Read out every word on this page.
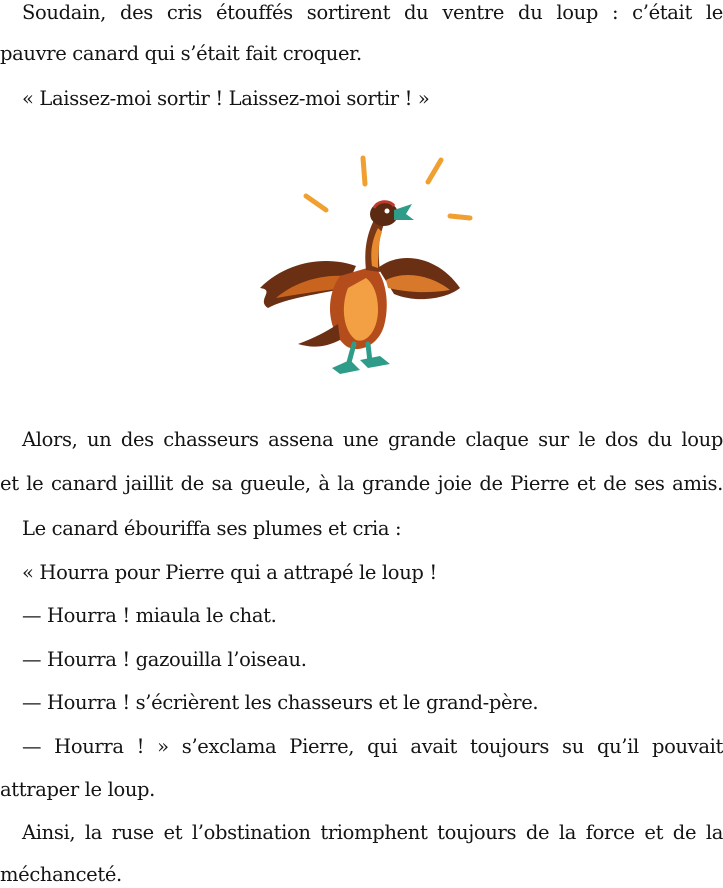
Soudain, des cris étouffés sortirent du ventre du loup : c’était le
pauvre canard qui s’était fait croquer.
« Laissez-moi sortir ! Laissez-moi sortir ! »
Alors, un des chasseurs assena une grande claque sur le dos du loup
et le canard jaillit de sa gueule, à la grande joie de Pierre et de ses amis.
Le canard ébouriffa ses plumes et cria :
« Hourra pour Pierre qui a attrapé le loup !
— Hourra ! miaula le chat.
— Hourra ! gazouilla l’oiseau.
— Hourra ! s’écrièrent les chasseurs et le grand-père.
— Hourra ! » s’exclama Pierre, qui avait toujours su qu’il pouvait
attraper le loup.
Ainsi, la ruse et l’obstination triomphent toujours de la force et de la
méchanceté.
